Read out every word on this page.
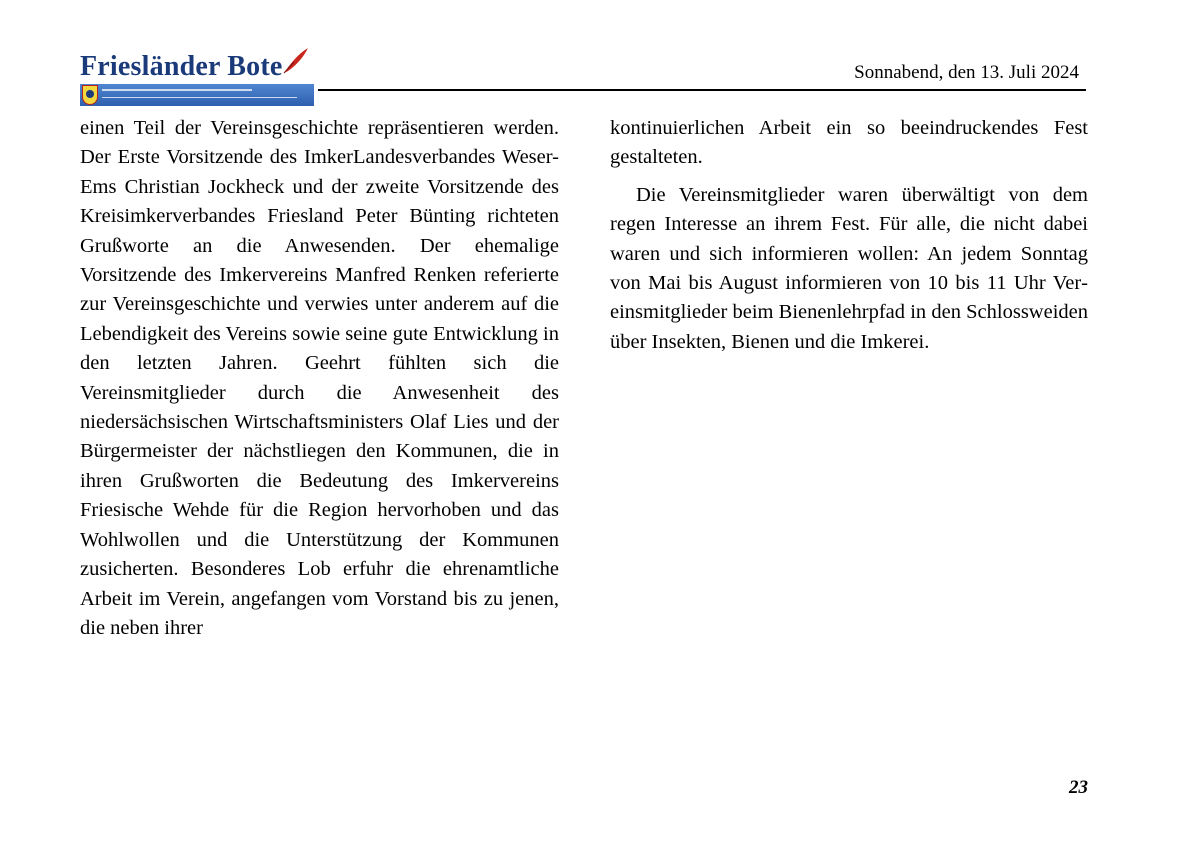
Friesländer Bote	Sonnabend, den 13. Juli 2024

einen Teil der Vereinsgeschichte repräsentieren werden. Der Erste Vorsitzende des ImkerLandesverbandes Weser-Ems Christian Jockheck und der zweite Vorsitzende des Kreisimkerverbandes Friesland Peter Bünting richteten Grußworte an die Anwesenden. Der ehemalige Vorsitzende des Imkervereins Manfred Renken referierte zur Vereinsgeschichte und verwies unter anderem auf die Lebendigkeit des Vereins sowie seine gute Entwicklung in den letzten Jahren. Geehrt fühlten sich die Vereinsmitglieder durch die Anwesenheit des niedersächsischen Wirtschaftsministers Olaf Lies und der Bürgermeister der nächstliegen den Kommunen, die in ihren Grußworten die Bedeutung des Imkervereins Friesische Wehde für die Region hervorhoben und das Wohlwollen und die Unterstützung der Kommunen zusicherten. Besonderes Lob erfuhr die ehrenamtliche Arbeit im Verein, angefangen vom Vorstand bis zu jenen, die neben ihrer

kontinuierlichen Arbeit ein so beeindruckendes Fest gestalteten.

Die Vereinsmitglieder waren überwältigt von dem regen Interesse an ihrem Fest. Für alle, die nicht dabei waren und sich informieren wollen: An jedem Sonntag von Mai bis August informieren von 10 bis 11 Uhr Vereinsmitglieder beim Bienenlehrpfad in den Schlossweiden über Insekten, Bienen und die Imkerei.

23
